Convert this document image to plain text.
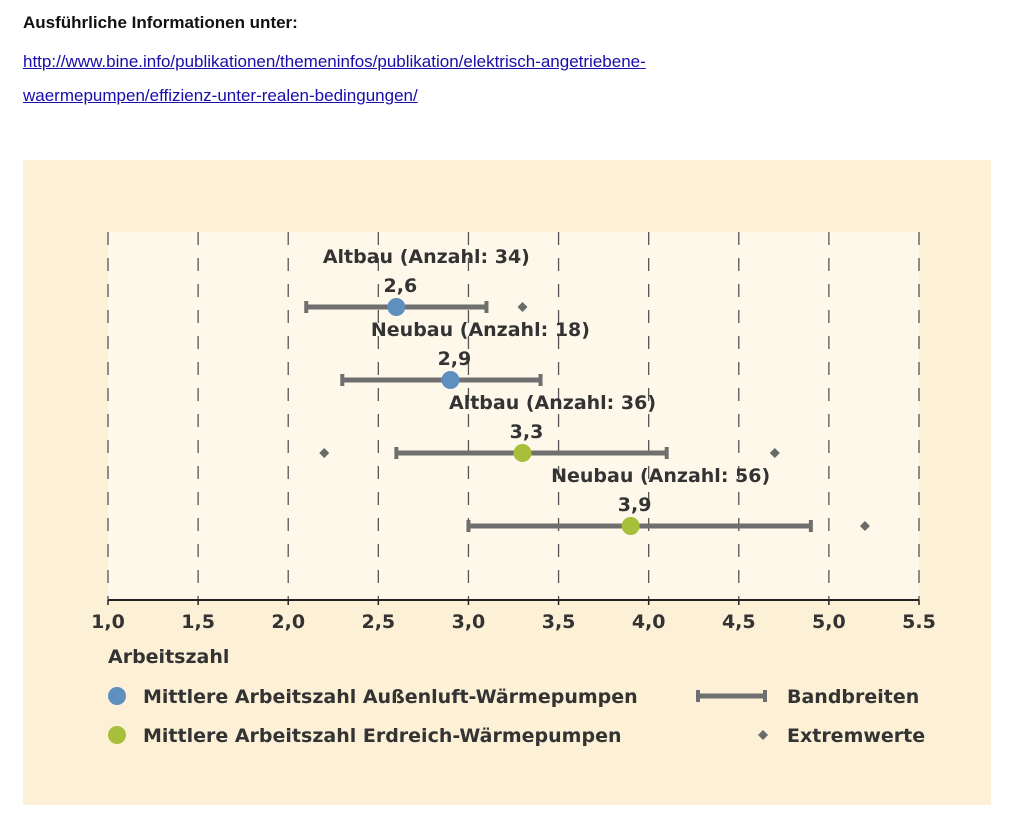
Ausführliche Informationen unter:

http://www.bine.info/publikationen/themeninfos/publikation/elektrisch-angetriebene-
waermepumpen/effizienz-unter-realen-bedingungen/
1,0	1,5	2,0	2,5	3,0	3,5	4,0	4,5	5,0	5.5
Arbeitszahl
Altbau (Anzahl: 34)
2,6
Neubau (Anzahl: 18)
2,9
Altbau (Anzahl: 36)
3,3
Neubau (Anzahl: 56)
3,9
Mittlere Arbeitszahl Außenluft-Wärmepumpen
Mittlere Arbeitszahl Erdreich-Wärmepumpen
Bandbreiten
Extremwerte
